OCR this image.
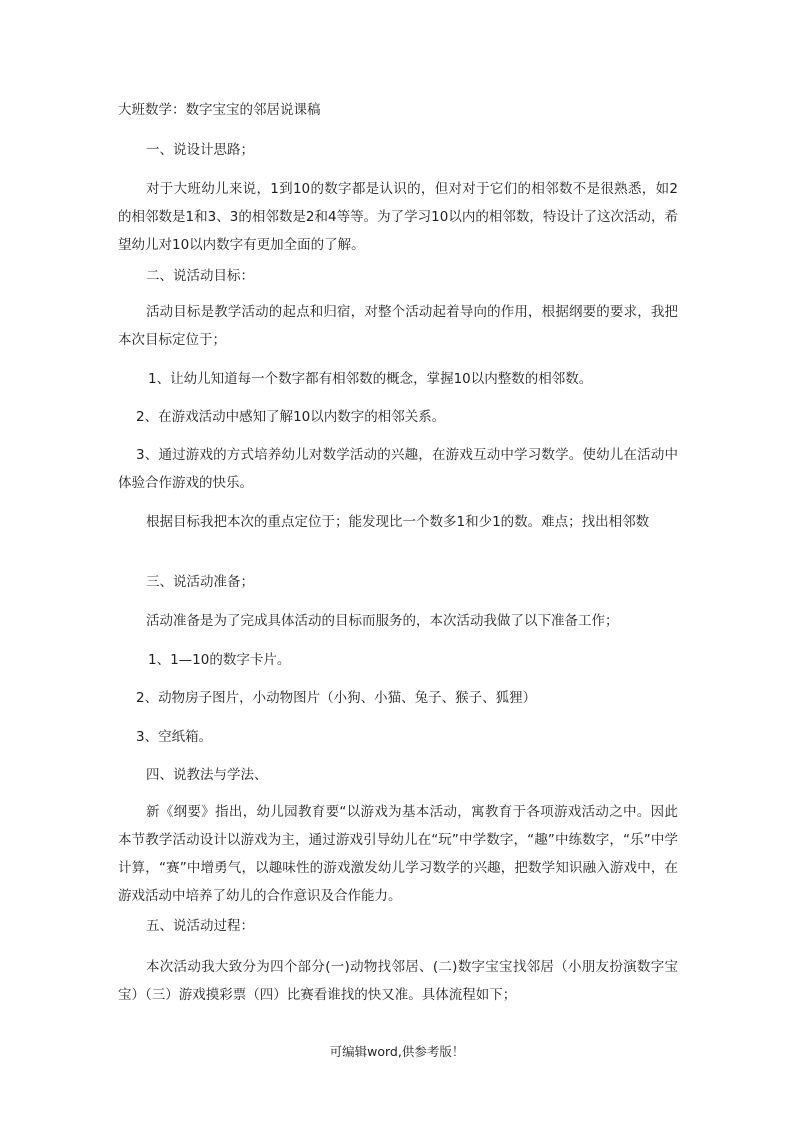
大班数学：数字宝宝的邻居说课稿
一、说设计思路；
对于大班幼儿来说，1到10的数字都是认识的，但对对于它们的相邻数不是很熟悉，如2的相邻数是1和3、3的相邻数是2和4等等。为了学习10以内的相邻数，特设计了这次活动，希望幼儿对10以内数字有更加全面的了解。
二、说活动目标：
活动目标是教学活动的起点和归宿，对整个活动起着导向的作用，根据纲要的要求，我把本次目标定位于；
1、让幼儿知道每一个数字都有相邻数的概念，掌握10以内整数的相邻数。
2、在游戏活动中感知了解10以内数字的相邻关系。
3、通过游戏的方式培养幼儿对数学活动的兴趣，在游戏互动中学习数学。使幼儿在活动中体验合作游戏的快乐。
根据目标我把本次的重点定位于；能发现比一个数多1和少1的数。难点；找出相邻数
三、说活动准备；
活动准备是为了完成具体活动的目标而服务的，本次活动我做了以下准备工作；
1、1—10的数字卡片。
2、动物房子图片，小动物图片（小狗、小猫、兔子、猴子、狐狸）
3、空纸箱。
四、说教法与学法、
新《纲要》指出，幼儿园教育要“以游戏为基本活动，寓教育于各项游戏活动之中。因此本节教学活动设计以游戏为主，通过游戏引导幼儿在“玩”中学数字，“趣”中练数字，“乐”中学计算，“赛”中增勇气，以趣味性的游戏激发幼儿学习数学的兴趣，把数学知识融入游戏中，在游戏活动中培养了幼儿的合作意识及合作能力。
五、说活动过程：
本次活动我大致分为四个部分(一)动物找邻居、(二)数字宝宝找邻居（小朋友扮演数字宝宝）（三）游戏摸彩票（四）比赛看谁找的快又准。具体流程如下；
可编辑word,供参考版！
